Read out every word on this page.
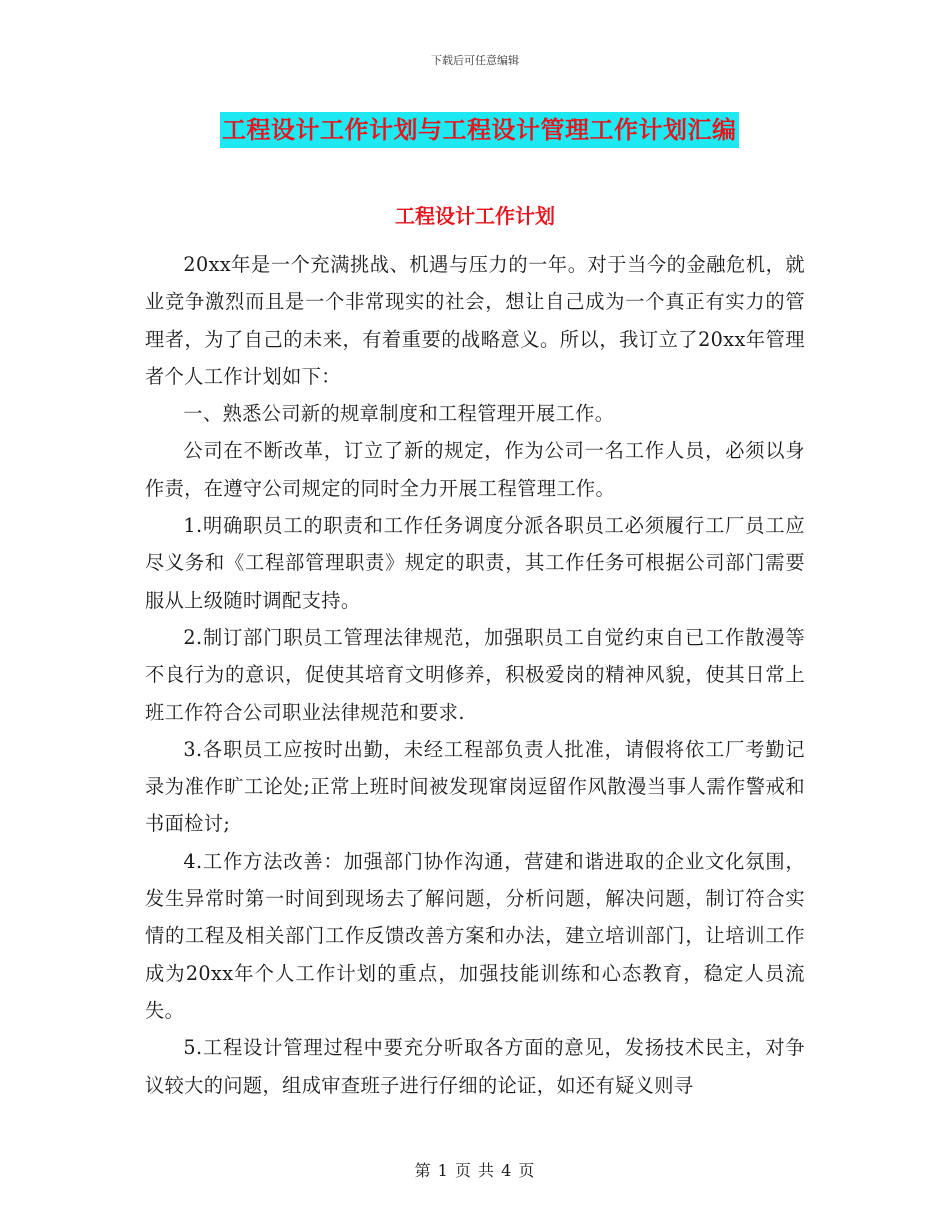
下载后可任意编辑
工程设计工作计划与工程设计管理工作计划汇编
工程设计工作计划

20xx年是一个充满挑战、机遇与压力的一年。对于当今的金融危机，就业竞争激烈而且是一个非常现实的社会，想让自己成为一个真正有实力的管理者，为了自己的未来，有着重要的战略意义。所以，我订立了20xx年管理者个人工作计划如下：

一、熟悉公司新的规章制度和工程管理开展工作。

公司在不断改革，订立了新的规定，作为公司一名工作人员，必须以身作责，在遵守公司规定的同时全力开展工程管理工作。

1.明确职员工的职责和工作任务调度分派各职员工必须履行工厂员工应尽义务和《工程部管理职责》规定的职责，其工作任务可根据公司部门需要服从上级随时调配支持。

2.制订部门职员工管理法律规范，加强职员工自觉约束自已工作散漫等不良行为的意识，促使其培育文明修养，积极爱岗的精神风貌，使其日常上班工作符合公司职业法律规范和要求.

3.各职员工应按时出勤，未经工程部负责人批准，请假将依工厂考勤记录为准作旷工论处;正常上班时间被发现窜岗逗留作风散漫当事人需作警戒和书面检讨;

4.工作方法改善：加强部门协作沟通，营建和谐进取的企业文化氛围，发生异常时第一时间到现场去了解问题，分析问题，解决问题，制订符合实情的工程及相关部门工作反馈改善方案和办法，建立培训部门，让培训工作成为20xx年个人工作计划的重点，加强技能训练和心态教育，稳定人员流失。

5.工程设计管理过程中要充分听取各方面的意见，发扬技术民主，对争议较大的问题，组成审查班子进行仔细的论证，如还有疑义则寻

第 1 页 共 4 页
